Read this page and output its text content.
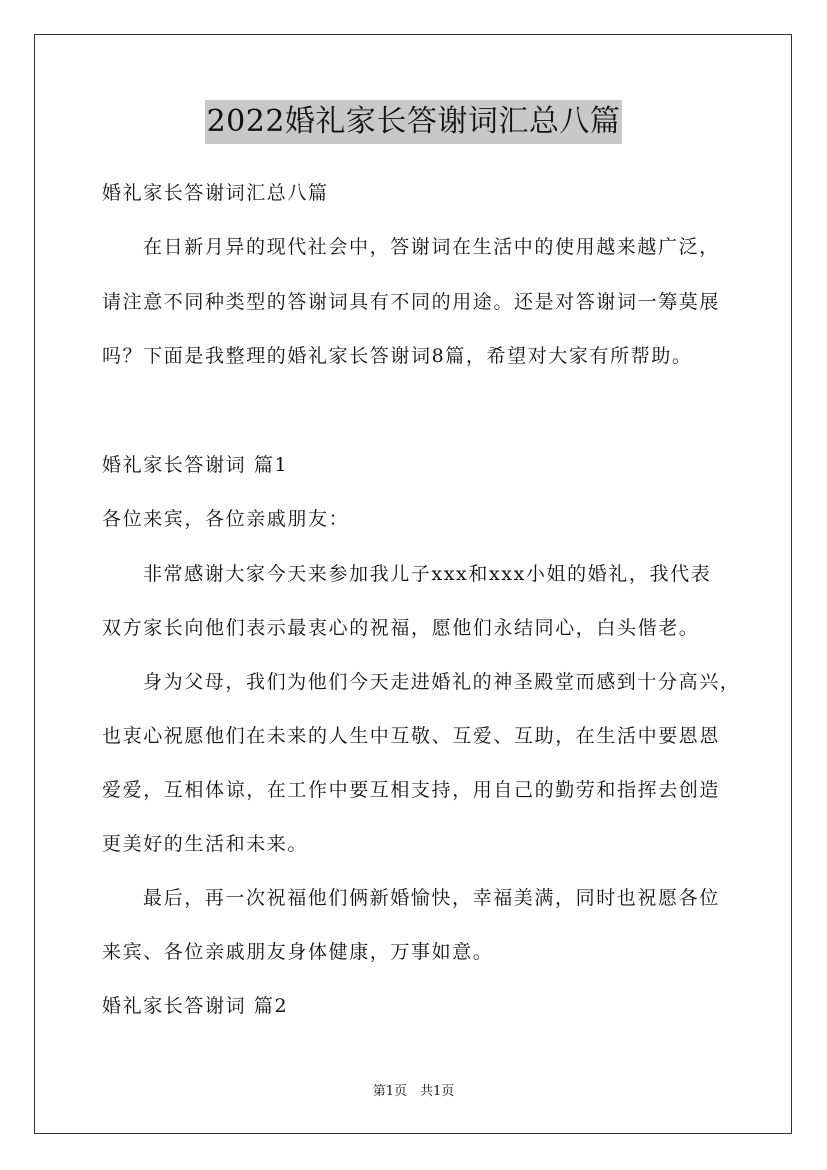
2022婚礼家长答谢词汇总八篇
婚礼家长答谢词汇总八篇
在日新月异的现代社会中，答谢词在生活中的使用越来越广泛，
请注意不同种类型的答谢词具有不同的用途。还是对答谢词一筹莫展
吗？下面是我整理的婚礼家长答谢词8篇，希望对大家有所帮助。
婚礼家长答谢词 篇1
各位来宾，各位亲戚朋友：
非常感谢大家今天来参加我儿子xxx和xxx小姐的婚礼，我代表
双方家长向他们表示最衷心的祝福，愿他们永结同心，白头偕老。
身为父母，我们为他们今天走进婚礼的神圣殿堂而感到十分高兴，
也衷心祝愿他们在未来的人生中互敬、互爱、互助，在生活中要恩恩
爱爱，互相体谅，在工作中要互相支持，用自己的勤劳和指挥去创造
更美好的生活和未来。
最后，再一次祝福他们俩新婚愉快，幸福美满，同时也祝愿各位
来宾、各位亲戚朋友身体健康，万事如意。
婚礼家长答谢词 篇2
第1页　共1页
